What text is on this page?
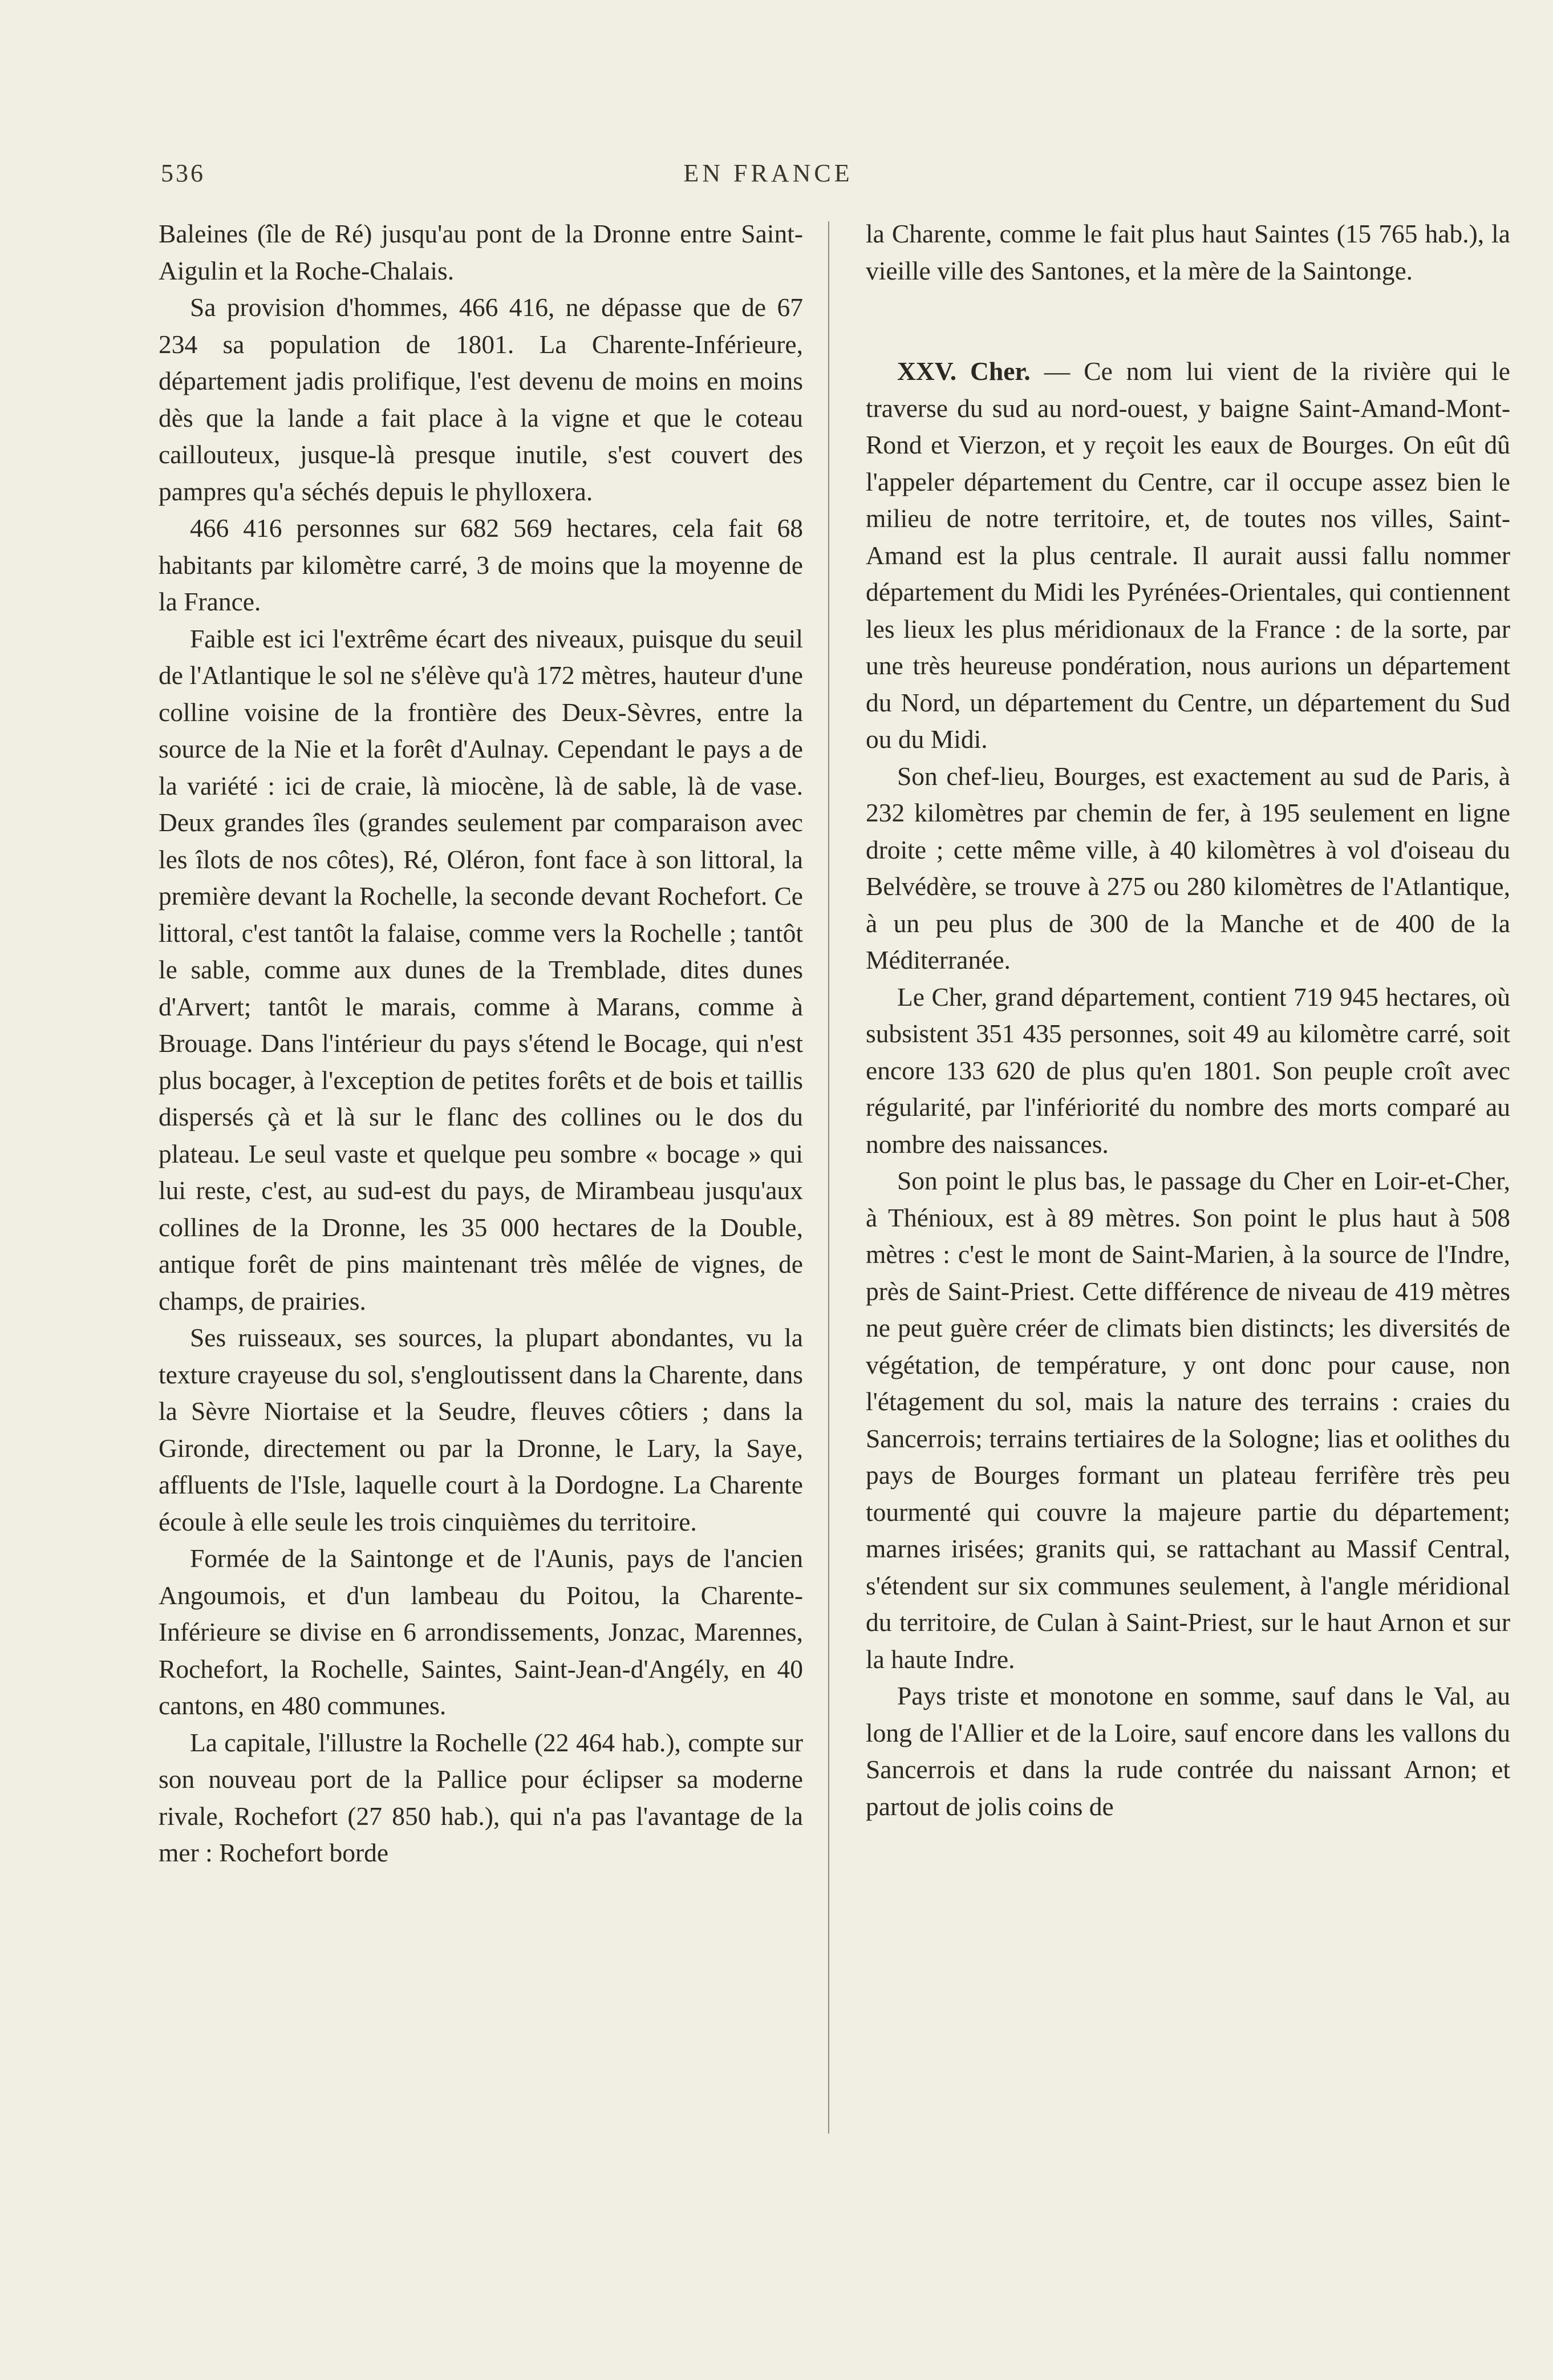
536	EN FRANCE

Baleines (île de Ré) jusqu'au pont de la Dronne entre Saint-Aigulin et la Roche-Chalais.

Sa provision d'hommes, 466 416, ne dépasse que de 67 234 sa population de 1801. La Charente-Inférieure, département jadis prolifique, l'est devenu de moins en moins dès que la lande a fait place à la vigne et que le coteau caillouteux, jusque-là presque inutile, s'est couvert des pampres qu'a séchés depuis le phylloxera.

466 416 personnes sur 682 569 hectares, cela fait 68 habitants par kilomètre carré, 3 de moins que la moyenne de la France.

Faible est ici l'extrême écart des niveaux, puisque du seuil de l'Atlantique le sol ne s'élève qu'à 172 mètres, hauteur d'une colline voisine de la frontière des Deux-Sèvres, entre la source de la Nie et la forêt d'Aulnay. Cependant le pays a de la variété : ici de craie, là miocène, là de sable, là de vase. Deux grandes îles (grandes seulement par comparaison avec les îlots de nos côtes), Ré, Oléron, font face à son littoral, la première devant la Rochelle, la seconde devant Rochefort. Ce littoral, c'est tantôt la falaise, comme vers la Rochelle ; tantôt le sable, comme aux dunes de la Tremblade, dites dunes d'Arvert; tantôt le marais, comme à Marans, comme à Brouage. Dans l'intérieur du pays s'étend le Bocage, qui n'est plus bocager, à l'exception de petites forêts et de bois et taillis dispersés çà et là sur le flanc des collines ou le dos du plateau. Le seul vaste et quelque peu sombre « bocage » qui lui reste, c'est, au sud-est du pays, de Mirambeau jusqu'aux collines de la Dronne, les 35 000 hectares de la Double, antique forêt de pins maintenant très mêlée de vignes, de champs, de prairies.

Ses ruisseaux, ses sources, la plupart abondantes, vu la texture crayeuse du sol, s'engloutissent dans la Charente, dans la Sèvre Niortaise et la Seudre, fleuves côtiers ; dans la Gironde, directement ou par la Dronne, le Lary, la Saye, affluents de l'Isle, laquelle court à la Dordogne. La Charente écoule à elle seule les trois cinquièmes du territoire.

Formée de la Saintonge et de l'Aunis, pays de l'ancien Angoumois, et d'un lambeau du Poitou, la Charente-Inférieure se divise en 6 arrondissements, Jonzac, Marennes, Rochefort, la Rochelle, Saintes, Saint-Jean-d'Angély, en 40 cantons, en 480 communes.

La capitale, l'illustre la Rochelle (22 464 hab.), compte sur son nouveau port de la Pallice pour éclipser sa moderne rivale, Rochefort (27 850 hab.), qui n'a pas l'avantage de la mer : Rochefort borde

la Charente, comme le fait plus haut Saintes (15 765 hab.), la vieille ville des Santones, et la mère de la Saintonge.

XXV. Cher. — Ce nom lui vient de la rivière qui le traverse du sud au nord-ouest, y baigne Saint-Amand-Mont-Rond et Vierzon, et y reçoit les eaux de Bourges. On eût dû l'appeler département du Centre, car il occupe assez bien le milieu de notre territoire, et, de toutes nos villes, Saint-Amand est la plus centrale. Il aurait aussi fallu nommer département du Midi les Pyrénées-Orientales, qui contiennent les lieux les plus méridionaux de la France : de la sorte, par une très heureuse pondération, nous aurions un département du Nord, un département du Centre, un département du Sud ou du Midi.

Son chef-lieu, Bourges, est exactement au sud de Paris, à 232 kilomètres par chemin de fer, à 195 seulement en ligne droite ; cette même ville, à 40 kilomètres à vol d'oiseau du Belvédère, se trouve à 275 ou 280 kilomètres de l'Atlantique, à un peu plus de 300 de la Manche et de 400 de la Méditerranée.

Le Cher, grand département, contient 719 945 hectares, où subsistent 351 435 personnes, soit 49 au kilomètre carré, soit encore 133 620 de plus qu'en 1801. Son peuple croît avec régularité, par l'infériorité du nombre des morts comparé au nombre des naissances.

Son point le plus bas, le passage du Cher en Loir-et-Cher, à Thénioux, est à 89 mètres. Son point le plus haut à 508 mètres : c'est le mont de Saint-Marien, à la source de l'Indre, près de Saint-Priest. Cette différence de niveau de 419 mètres ne peut guère créer de climats bien distincts; les diversités de végétation, de température, y ont donc pour cause, non l'étagement du sol, mais la nature des terrains : craies du Sancerrois; terrains tertiaires de la Sologne; lias et oolithes du pays de Bourges formant un plateau ferrifère très peu tourmenté qui couvre la majeure partie du département; marnes irisées; granits qui, se rattachant au Massif Central, s'étendent sur six communes seulement, à l'angle méridional du territoire, de Culan à Saint-Priest, sur le haut Arnon et sur la haute Indre.

Pays triste et monotone en somme, sauf dans le Val, au long de l'Allier et de la Loire, sauf encore dans les vallons du Sancerrois et dans la rude contrée du naissant Arnon; et partout de jolis coins de
